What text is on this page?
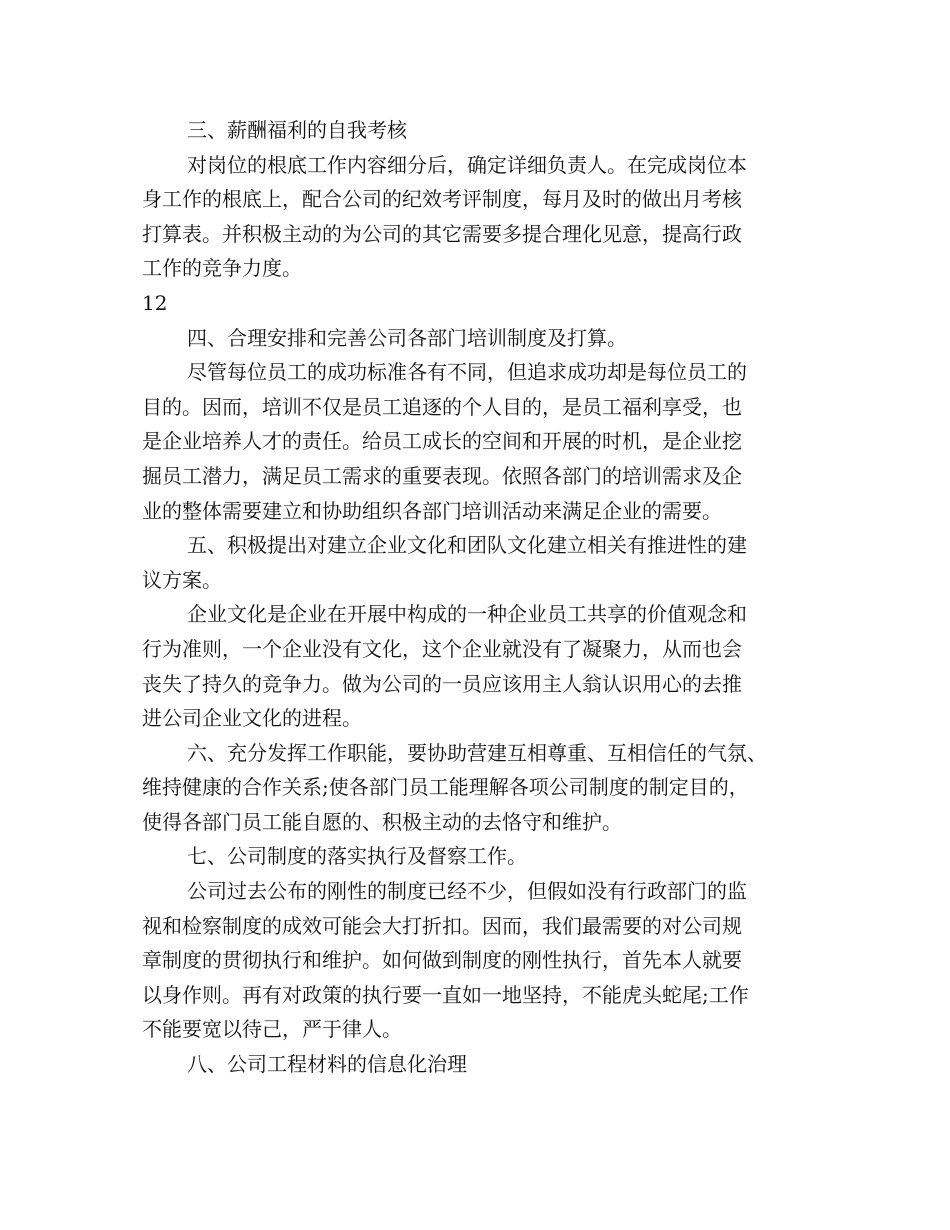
三、薪酬福利的自我考核

对岗位的根底工作内容细分后，确定详细负责人。在完成岗位本

身工作的根底上，配合公司的纪效考评制度，每月及时的做出月考核

打算表。并积极主动的为公司的其它需要多提合理化见意，提高行政

工作的竞争力度。

12

四、合理安排和完善公司各部门培训制度及打算。

尽管每位员工的成功标准各有不同，但追求成功却是每位员工的

目的。因而，培训不仅是员工追逐的个人目的，是员工福利享受，也

是企业培养人才的责任。给员工成长的空间和开展的时机，是企业挖

掘员工潜力，满足员工需求的重要表现。依照各部门的培训需求及企

业的整体需要建立和协助组织各部门培训活动来满足企业的需要。

五、积极提出对建立企业文化和团队文化建立相关有推进性的建

议方案。

企业文化是企业在开展中构成的一种企业员工共享的价值观念和

行为准则，一个企业没有文化，这个企业就没有了凝聚力，从而也会

丧失了持久的竞争力。做为公司的一员应该用主人翁认识用心的去推

进公司企业文化的进程。

六、充分发挥工作职能，要协助营建互相尊重、互相信任的气氛、

维持健康的合作关系;使各部门员工能理解各项公司制度的制定目的，

使得各部门员工能自愿的、积极主动的去恪守和维护。

七、公司制度的落实执行及督察工作。

公司过去公布的刚性的制度已经不少，但假如没有行政部门的监

视和检察制度的成效可能会大打折扣。因而，我们最需要的对公司规

章制度的贯彻执行和维护。如何做到制度的刚性执行，首先本人就要

以身作则。再有对政策的执行要一直如一地坚持，不能虎头蛇尾;工作

不能要宽以待己，严于律人。

八、公司工程材料的信息化治理
